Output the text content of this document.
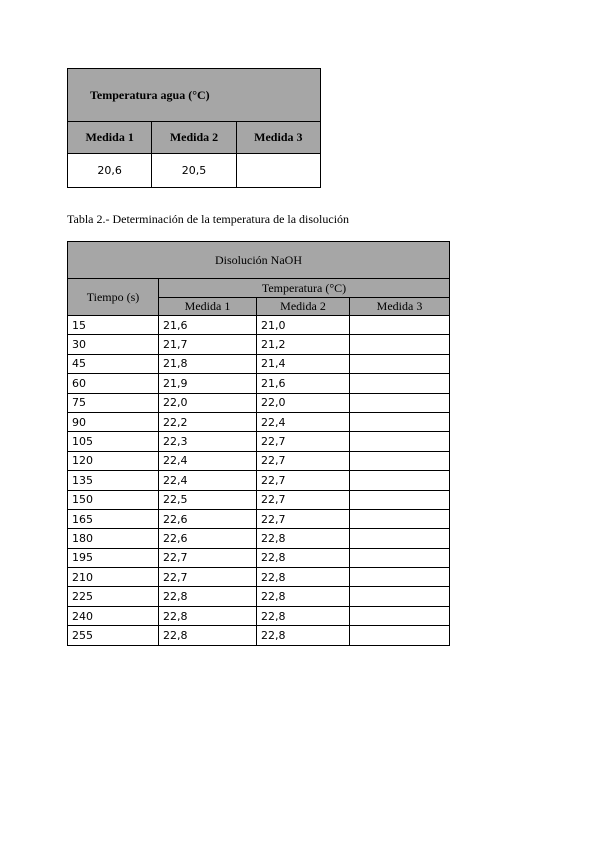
Temperatura agua (°C)		
Medida 1	Medida 2	Medida 3
20,6	20,5	
Tabla 2.- Determinación de la temperatura de la disolución
Disolución NaOH			
Tiempo (s)	Temperatura (°C)		
	Medida 1	Medida 2	Medida 3
15	21,6	21,0	
30	21,7	21,2	
45	21,8	21,4	
60	21,9	21,6	
75	22,0	22,0	
90	22,2	22,4	
105	22,3	22,7	
120	22,4	22,7	
135	22,4	22,7	
150	22,5	22,7	
165	22,6	22,7	
180	22,6	22,8	
195	22,7	22,8	
210	22,7	22,8	
225	22,8	22,8	
240	22,8	22,8	
255	22,8	22,8	
